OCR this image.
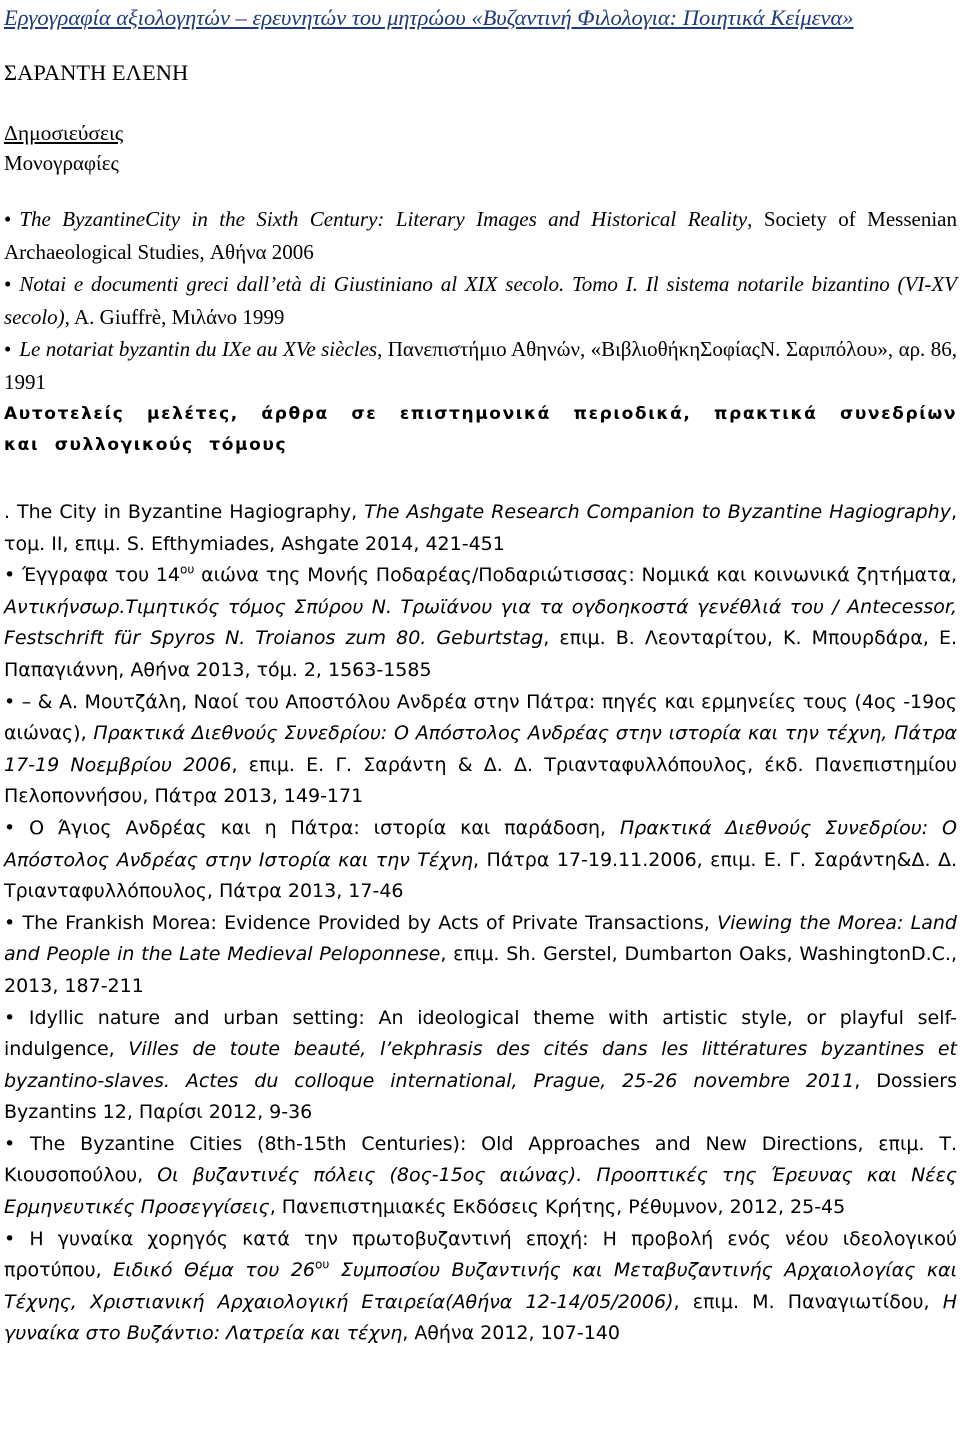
Εργογραφία αξιολογητών – ερευνητών του μητρώου «Βυζαντινή Φιλολογια: Ποιητικά Κείμενα»

ΣΑΡΑΝΤΗ ΕΛΕΝΗ

Δημοσιεύσεις

Μονογραφίες

• The ByzantineCity in the Sixth Century: Literary Images and Historical Reality, Society of Messenian Archaeological Studies, Αθήνα 2006

• Notai e documenti greci dall’età di Giustiniano al XIX secolo. Tomo I. Il sistema notarile bizantino (VI-XV secolo), A. Giuffrè, Μιλάνο 1999

• Le notariat byzantin du IXe au XVe siècles, Πανεπιστήμιο Αθηνών, «ΒιβλιοθήκηΣοφίαςΝ. Σαριπόλου», αρ. 86, 1991

Αυτοτελείς μελέτες, άρθρα σε επιστημονικά περιοδικά, πρακτικά συνεδρίων και συλλογικούς τόμους

. The City in Byzantine Hagiography, The Ashgate Research Companion to Byzantine Hagiography, τομ. II, επιμ. S. Efthymiades, Ashgate 2014, 421-451

• Έγγραφα του $14^{o\upsilon}$ αιώνα της Μονής Ποδαρέας/Ποδαριώτισσας: Νομικά και κοινωνικά ζητήματα, Αντικήνσωρ.Τιμητικός τόμος Σπύρου Ν. Τρωϊάνου για τα ογδοηκοστά γενέθλιά του / Antecessor, Festschrift für Spyros N. Troianos zum 80. Geburtstag, επιμ. Β. Λεονταρίτου, Κ. Μπουρδάρα, Ε. Παπαγιάννη, Αθήνα 2013, τόμ. 2, 1563-1585

• – & Α. Μουτζάλη, Ναοί του Αποστόλου Ανδρέα στην Πάτρα: πηγές και ερμηνείες τους (4ος -19ος αιώνας), Πρακτικά Διεθνούς Συνεδρίου: Ο Απόστολος Ανδρέας στην ιστορία και την τέχνη, Πάτρα 17-19 Νοεμβρίου 2006, επιμ. Ε. Γ. Σαράντη & Δ. Δ. Τριανταφυλλόπουλος, έκδ. Πανεπιστημίου Πελοποννήσου, Πάτρα 2013, 149-171

• Ο Άγιος Ανδρέας και η Πάτρα: ιστορία και παράδοση, Πρακτικά Διεθνούς Συνεδρίου: Ο Απόστολος Ανδρέας στην Ιστορία και την Τέχνη, Πάτρα 17-19.11.2006, επιμ. Ε. Γ. Σαράντη&Δ. Δ. Τριανταφυλλόπουλος, Πάτρα 2013, 17-46

• The Frankish Morea: Evidence Provided by Acts of Private Transactions, Viewing the Morea: Land and People in the Late Medieval Peloponnese, επιμ. Sh. Gerstel, Dumbarton Oaks, WashingtonD.C., 2013, 187-211

• Idyllic nature and urban setting: An ideological theme with artistic style, or playful self-indulgence, Villes de toute beauté, l’ekphrasis des cités dans les littératures byzantines et byzantino-slaves. Actes du colloque international, Prague, 25-26 novembre 2011, Dossiers Byzantins 12, Παρίσι 2012, 9-36

• The Byzantine Cities (8th-15th Centuries): Old Approaches and New Directions, επιμ. Τ. Κιουσοπούλου, Οι βυζαντινές πόλεις (8ος-15ος αιώνας). Προοπτικές της Έρευνας και Νέες Ερμηνευτικές Προσεγγίσεις, Πανεπιστημιακές Εκδόσεις Κρήτης, Ρέθυμνον, 2012, 25-45

• Η γυναίκα χορηγός κατά την πρωτοβυζαντινή εποχή: Η προβολή ενός νέου ιδεολογικού προτύπου, Ειδικό Θέμα του $26^{o\upsilon}$ Συμποσίου Βυζαντινής και Μεταβυζαντινής Αρχαιολογίας και Τέχνης, Χριστιανική Αρχαιολογική Εταιρεία(Αθήνα 12-14/05/2006), επιμ. Μ. Παναγιωτίδου, Η γυναίκα στο Βυζάντιο: Λατρεία και τέχνη, Αθήνα 2012, 107-140
